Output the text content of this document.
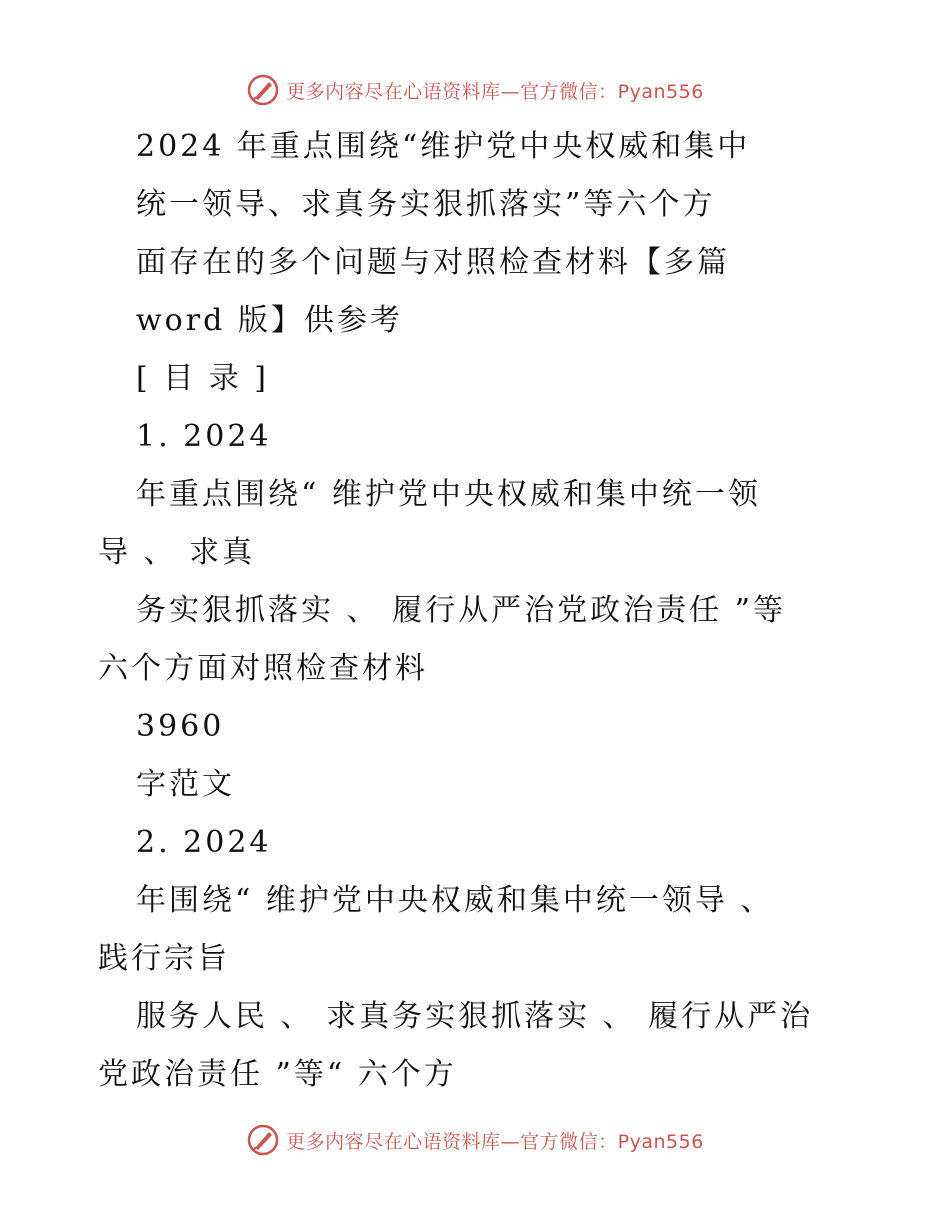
更多内容尽在心语资料库—官方微信：Pyan556
2024 年重点围绕“维护党中央权威和集中
统一领导、求真务实狠抓落实”等六个方
面存在的多个问题与对照检查材料【多篇
word 版】供参考
[ 目 录 ]
1. 2024
年重点围绕“ 维护党中央权威和集中统一领
导 、 求真
务实狠抓落实 、 履行从严治党政治责任 ”等
六个方面对照检查材料
3960
字范文
2. 2024
年围绕“ 维护党中央权威和集中统一领导 、
践行宗旨
服务人民 、 求真务实狠抓落实 、 履行从严治
党政治责任 ”等“ 六个方
更多内容尽在心语资料库—官方微信：Pyan556
